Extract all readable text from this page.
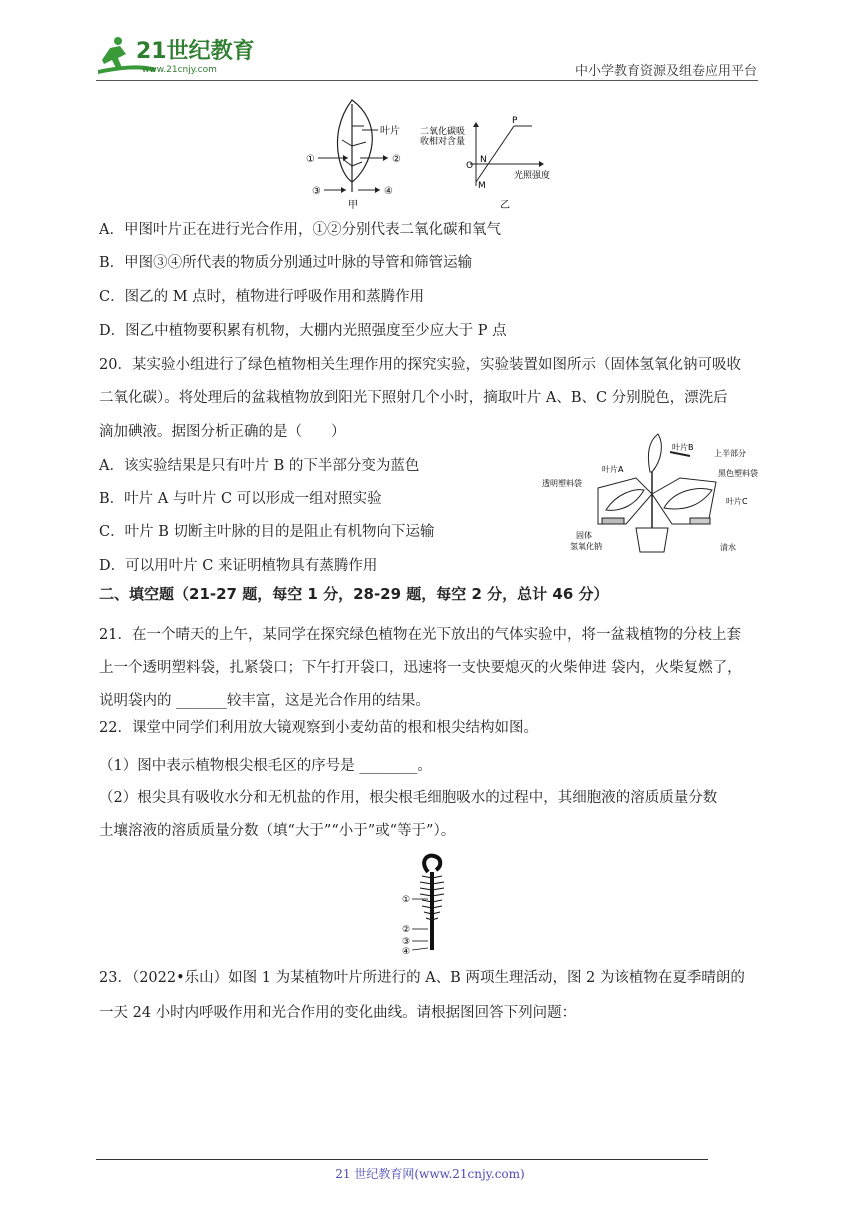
21世纪教育
www.21cnjy.com	中小学教育资源及组卷应用平台
叶片
①	②
③	④
甲
二氧化碳吸
收相对含量
P
N
O
M
光照强度
乙
A．甲图叶片正在进行光合作用，①②分别代表二氧化碳和氧气
B．甲图③④所代表的物质分别通过叶脉的导管和筛管运输
C．图乙的 M 点时，植物进行呼吸作用和蒸腾作用
D．图乙中植物要积累有机物，大棚内光照强度至少应大于 P 点
20．某实验小组进行了绿色植物相关生理作用的探究实验，实验装置如图所示（固体氢氧化钠可吸收
二氧化碳）。将处理后的盆栽植物放到阳光下照射几个小时，摘取叶片 A、B、C 分别脱色，漂洗后
滴加碘液。据图分析正确的是（　　）
A．该实验结果是只有叶片 B 的下半部分变为蓝色
B．叶片 A 与叶片 C 可以形成一组对照实验
C．叶片 B 切断主叶脉的目的是阻止有机物向下运输
D．可以用叶片 C 来证明植物具有蒸腾作用
叶片B
上半部分
叶片A	黑色塑料袋
透明塑料袋
叶片C
固体
氢氧化钠	清水
二、填空题（21-27 题，每空 1 分，28-29 题，每空 2 分，总计 46 分）
21．在一个晴天的上午，某同学在探究绿色植物在光下放出的气体实验中，将一盆栽植物的分枝上套
上一个透明塑料袋，扎紧袋口；下午打开袋口，迅速将一支快要熄灭的火柴伸进 袋内，火柴复燃了，
说明袋内的 _______较丰富，这是光合作用的结果。
22．课堂中同学们利用放大镜观察到小麦幼苗的根和根尖结构如图。
（1）图中表示植物根尖根毛区的序号是 ________。
（2）根尖具有吸收水分和无机盐的作用，根尖根毛细胞吸水的过程中，其细胞液的溶质质量分数
土壤溶液的溶质质量分数（填“大于”“小于”或“等于”）。
①
②
③
④
23．（2022•乐山）如图 1 为某植物叶片所进行的 A、B 两项生理活动，图 2 为该植物在夏季晴朗的
一天 24 小时内呼吸作用和光合作用的变化曲线。请根据图回答下列问题：
21 世纪教育网(www.21cnjy.com)
